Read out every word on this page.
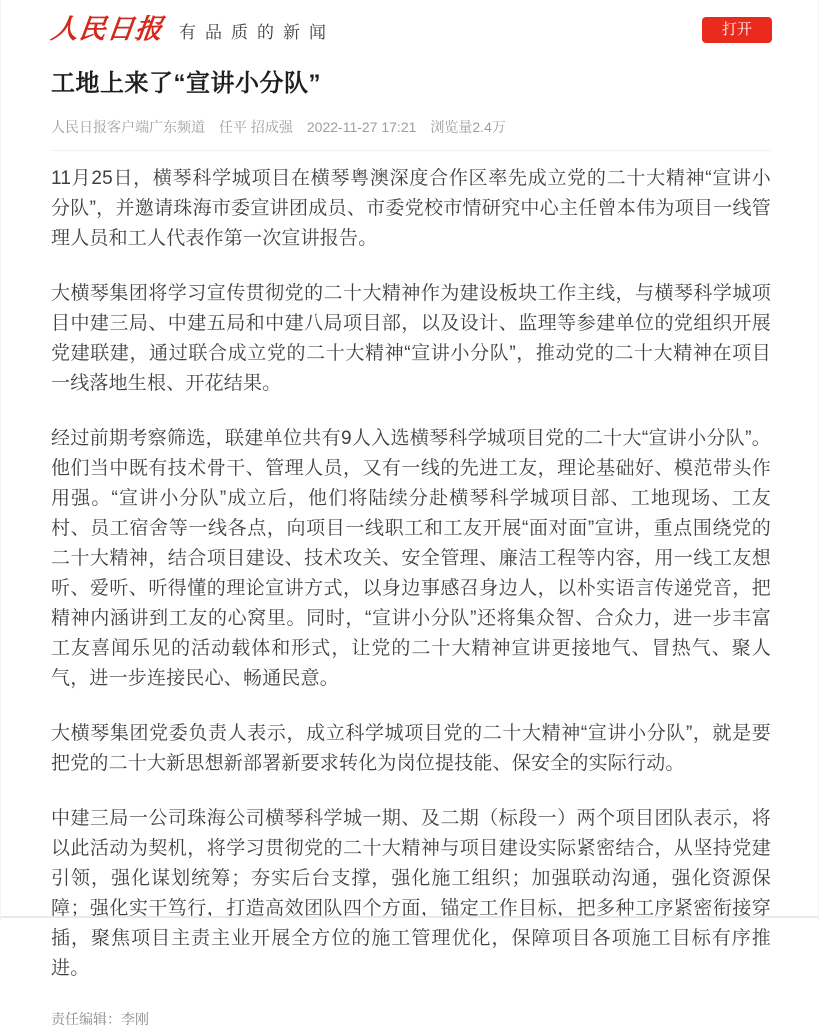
人民日报 有品质的新闻	打开
工地上来了“宣讲小分队”
人民日报客户端广东频道 任平 招成强 2022-11-27 17:21 浏览量2.4万

11月25日，横琴科学城项目在横琴粤澳深度合作区率先成立党的二十大精神“宣讲小分队”，并邀请珠海市委宣讲团成员、市委党校市情研究中心主任曾本伟为项目一线管理人员和工人代表作第一次宣讲报告。

大横琴集团将学习宣传贯彻党的二十大精神作为建设板块工作主线，与横琴科学城项目中建三局、中建五局和中建八局项目部，以及设计、监理等参建单位的党组织开展党建联建，通过联合成立党的二十大精神“宣讲小分队”，推动党的二十大精神在项目一线落地生根、开花结果。

经过前期考察筛选，联建单位共有9人入选横琴科学城项目党的二十大“宣讲小分队”。他们当中既有技术骨干、管理人员，又有一线的先进工友，理论基础好、模范带头作用强。“宣讲小分队”成立后，他们将陆续分赴横琴科学城项目部、工地现场、工友村、员工宿舍等一线各点，向项目一线职工和工友开展“面对面”宣讲，重点围绕党的二十大精神，结合项目建设、技术攻关、安全管理、廉洁工程等内容，用一线工友想听、爱听、听得懂的理论宣讲方式，以身边事感召身边人，以朴实语言传递党音，把精神内涵讲到工友的心窝里。同时，“宣讲小分队”还将集众智、合众力，进一步丰富工友喜闻乐见的活动载体和形式，让党的二十大精神宣讲更接地气、冒热气、聚人气，进一步连接民心、畅通民意。

大横琴集团党委负责人表示，成立科学城项目党的二十大精神“宣讲小分队”，就是要把党的二十大新思想新部署新要求转化为岗位提技能、保安全的实际行动。

中建三局一公司珠海公司横琴科学城一期、及二期（标段一）两个项目团队表示，将以此活动为契机，将学习贯彻党的二十大精神与项目建设实际紧密结合，从坚持党建引领，强化谋划统筹；夯实后台支撑，强化施工组织；加强联动沟通，强化资源保障；强化实干笃行，打造高效团队四个方面，锚定工作目标，把多种工序紧密衔接穿插，聚焦项目主责主业开展全方位的施工管理优化，保障项目各项施工目标有序推进。

责任编辑：李刚
